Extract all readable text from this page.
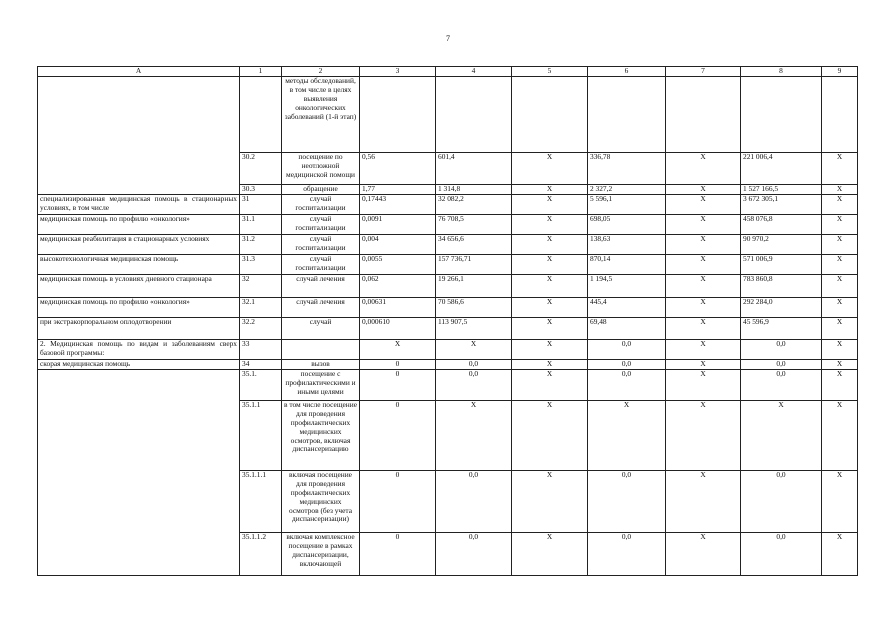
7
A	1	2	3	4	5	6	7	8	9
		методы обследований, в том числе в целях выявления онкологических заболеваний (1-й этап)							
	30.2	посещение по неотложной медицинской помощи	0,56	601,4	Х	336,78	Х	221 006,4	Х
	30.3	обращение	1,77	1 314,8	Х	2 327,2	Х	1 527 166,5	Х
специализированная медицинская помощь в стационарных условиях, в том числе	31	случай госпитализации	0,17443	32 082,2	Х	5 596,1	Х	3 672 305,1	Х
медицинская помощь по профилю «онкология»	31.1	случай госпитализации	0,0091	76 708,5	Х	698,05	Х	458 076,8	Х
медицинская реабилитация в стационарных условиях	31.2	случай госпитализации	0,004	34 656,6	Х	138,63	Х	90 970,2	Х
высокотехнологичная медицинская помощь	31.3	случай госпитализации	0,0055	157 736,71	Х	870,14	Х	571 006,9	Х
медицинская помощь в условиях дневного стационара	32	случай лечения	0,062	19 266,1	Х	1 194,5	Х	783 860,8	Х
медицинская помощь по профилю «онкология»	32.1	случай лечения	0,00631	70 586,6	Х	445,4	Х	292 284,0	Х
при экстракорпоральном оплодотворении	32.2	случай	0,000610	113 907,5	Х	69,48	Х	45 596,9	Х
2. Медицинская помощь по видам и заболеваниям сверх базовой программы:	33		Х	Х	Х	0,0	Х	0,0	Х
скорая медицинская помощь	34	вызов	0	0,0	Х	0,0	Х	0,0	Х

	35.1.	посещение с профилактическими и иными целями	0	0,0	Х	0,0	Х	0,0	Х
	35.1.1	в том числе посещение для проведения профилактических медицинских осмотров, включая диспансеризацию	0	Х	Х	Х	Х	Х	Х
	35.1.1.1	включая посещение для проведения профилактических медицинских осмотров (без учета диспансеризации)	0	0,0	Х	0,0	Х	0,0	Х
	35.1.1.2	включая комплексное посещение в рамках диспансеризации, включающей	0	0,0	Х	0,0	Х	0,0	Х
